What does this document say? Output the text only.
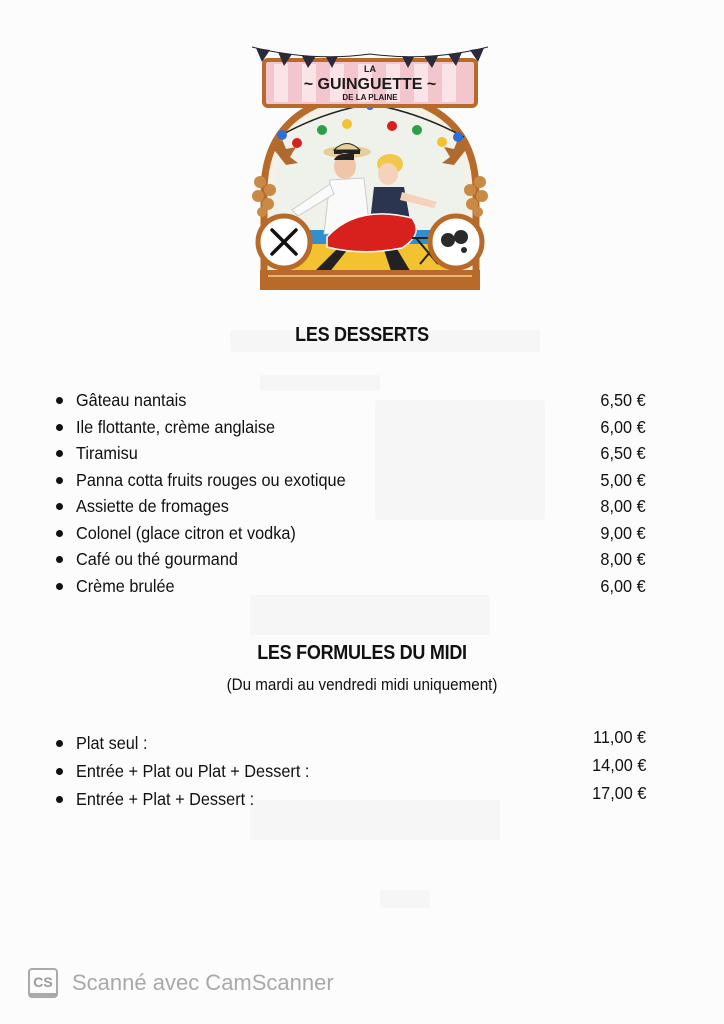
LA
~ GUINGUETTE ~
DE LA PLAINE
LES DESSERTS
Gâteau nantais	6,50 €
Ile flottante, crème anglaise	6,00 €
Tiramisu	6,50 €
Panna cotta fruits rouges ou exotique	5,00 €
Assiette de fromages	8,00 €
Colonel (glace citron et vodka)	9,00 €
Café ou thé gourmand	8,00 €
Crème brulée	6,00 €
LES FORMULES DU MIDI
(Du mardi au vendredi midi uniquement)
Plat seul :	11,00 €
Entrée + Plat ou Plat + Dessert :	14,00 €
Entrée + Plat + Dessert :	17,00 €
CS Scanné avec CamScanner
